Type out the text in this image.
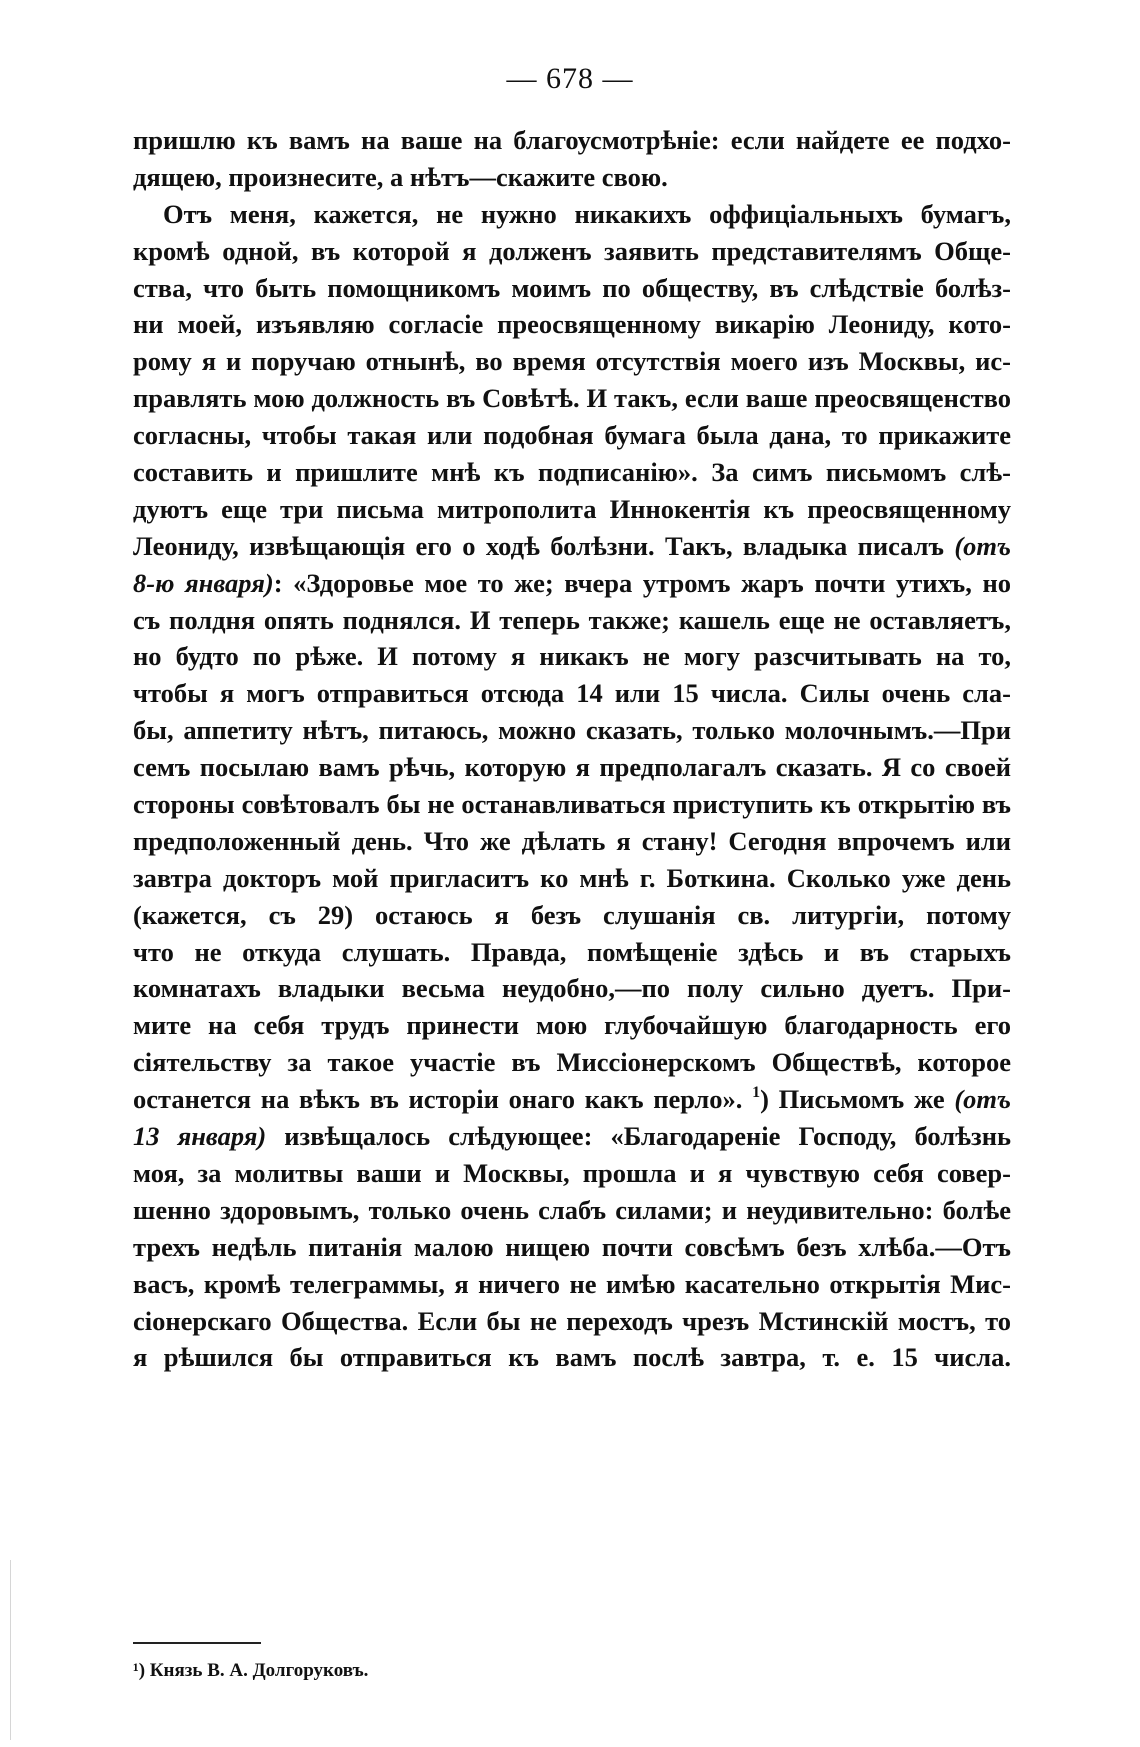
— 678 —
пришлю къ вамъ на ваше на благоусмотрѣніе: если найдете ее подхо-
дящею, произнесите, а нѣтъ—скажите свою.
Отъ меня, кажется, не нужно никакихъ оффиціальныхъ бумагъ,
кромѣ одной, въ которой я долженъ заявить представителямъ Обще-
ства, что быть помощникомъ моимъ по обществу, въ слѣдствіе болѣз-
ни моей, изъявляю согласіе преосвященному викарію Леониду, кото-
рому я и поручаю отнынѣ, во время отсутствія моего изъ Москвы, ис-
правлять мою должность въ Совѣтѣ. И такъ, если ваше преосвященство
согласны, чтобы такая или подобная бумага была дана, то прикажите
составить и пришлите мнѣ къ подписанію». За симъ письмомъ слѣ-
дуютъ еще три письма митрополита Иннокентія къ преосвященному
Леониду, извѣщающія его о ходѣ болѣзни. Такъ, владыка писалъ (отъ
8-ю января): «Здоровье мое то же; вчера утромъ жаръ почти утихъ, но
съ полдня опять поднялся. И теперь также; кашель еще не оставляетъ,
но будто по рѣже. И потому я никакъ не могу разсчитывать на то,
чтобы я могъ отправиться отсюда 14 или 15 числа. Силы очень сла-
бы, аппетиту нѣтъ, питаюсь, можно сказать, только молочнымъ.—При
семъ посылаю вамъ рѣчь, которую я предполагалъ сказать. Я со своей
стороны совѣтовалъ бы не останавливаться приступить къ открытію въ
предположенный день. Что же дѣлать я стану! Сегодня впрочемъ или
завтра докторъ мой пригласитъ ко мнѣ г. Боткина. Сколько уже день
(кажется, съ 29) остаюсь я безъ слушанія св. литургіи, потому
что не откуда слушать. Правда, помѣщеніе здѣсь и въ старыхъ
комнатахъ владыки весьма неудобно,—по полу сильно дуетъ. При-
мите на себя трудъ принести мою глубочайшую благодарность его
сіятельству за такое участіе въ Миссіонерскомъ Обществѣ, которое
останется на вѣкъ въ исторіи онаго какъ перло». $^1$) Письмомъ же (отъ
13 января) извѣщалось слѣдующее: «Благодареніе Господу, болѣзнь
моя, за молитвы ваши и Москвы, прошла и я чувствую себя совер-
шенно здоровымъ, только очень слабъ силами; и неудивительно: болѣе
трехъ недѣль питанія малою нищею почти совсѣмъ безъ хлѣба.—Отъ
васъ, кромѣ телеграммы, я ничего не имѣю касательно открытія Мис-
сіонерскаго Общества. Если бы не переходъ чрезъ Мстинскій мостъ, то
я рѣшился бы отправиться къ вамъ послѣ завтра, т. е. 15 числа.
¹) Князь В. А. Долгоруковъ.
